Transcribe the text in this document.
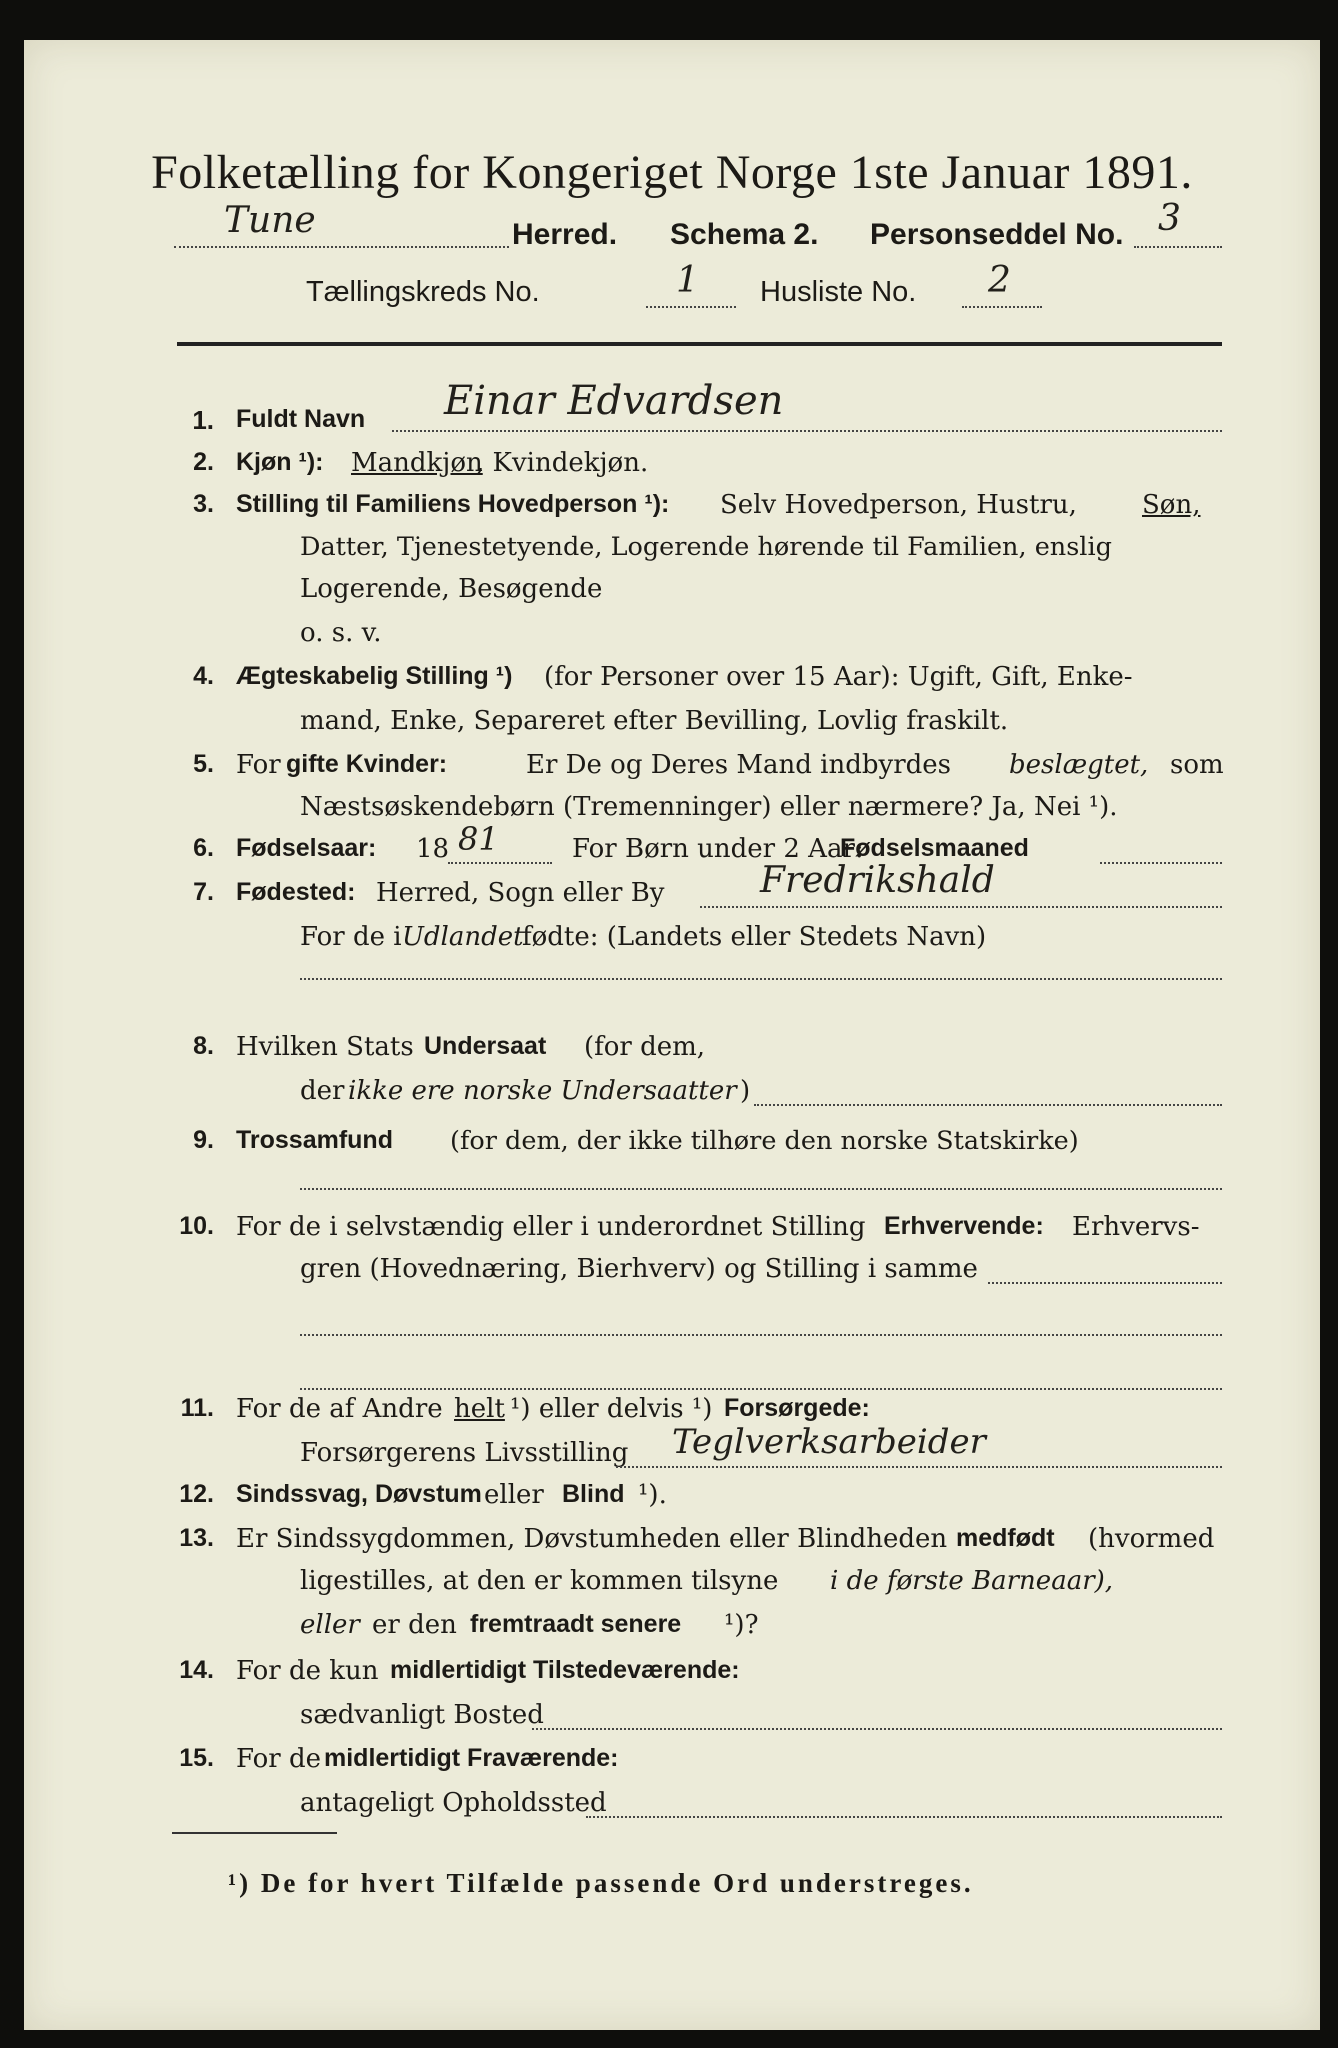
Folketælling for Kongeriget Norge 1ste Januar 1891.
Tune	Herred. Schema 2. Personseddel No. 3
Tællingskreds No.	1 Husliste No. 2
1. Fuldt Navn Einar Edvardsen
2. Kjøn ¹): Mandkjøn
, Kvindekjøn.
3. Stilling til Familiens Hovedperson ¹): Selv Hovedperson, Hustru,	Søn,
Datter, Tjenestetyende, Logerende hørende til Familien, enslig
Logerende, Besøgende
o. s. v.
4. Ægteskabelig Stilling ¹) (for Personer over 15 Aar): Ugift, Gift, Enke-
mand, Enke, Separeret efter Bevilling, Lovlig fraskilt.
5. For gifte Kvinder:	Er De og Deres Mand indbyrdes beslægtet, som
Næstsøskendebørn (Tremenninger) eller nærmere? Ja, Nei ¹).
6. Fødselsaar: 18 81	For Børn under 2 Aar:
Fødselsmaaned
7. Fødested: Herred, Sogn eller By	Fredrikshald
For de i Udlandet
fødte: (Landets eller Stedets Navn)
8. Hvilken Stats Undersaat (for dem,
der ikke ere norske Undersaatter )
9. Trossamfund (for dem, der ikke tilhøre den norske Statskirke)
10. For de i selvstændig eller i underordnet Stilling Erhvervende: Erhvervs-
gren (Hovednæring, Bierhverv) og Stilling i samme
11. For de af Andre helt ¹) eller delvis ¹) Forsørgede:
Forsørgerens Livsstilling Teglverksarbeider
12. Sindssvag, Døvstum eller Blind ¹).
13. Er Sindssygdommen, Døvstumheden eller Blindheden medfødt (hvormed
ligestilles, at den er kommen tilsyne i de første Barneaar),
eller er den fremtraadt senere ¹)?
14. For de kun midlertidigt Tilstedeværende:
sædvanligt Bosted
15. For de midlertidigt Fraværende:
antageligt Opholdssted
¹) De for hvert Tilfælde passende Ord understreges.
